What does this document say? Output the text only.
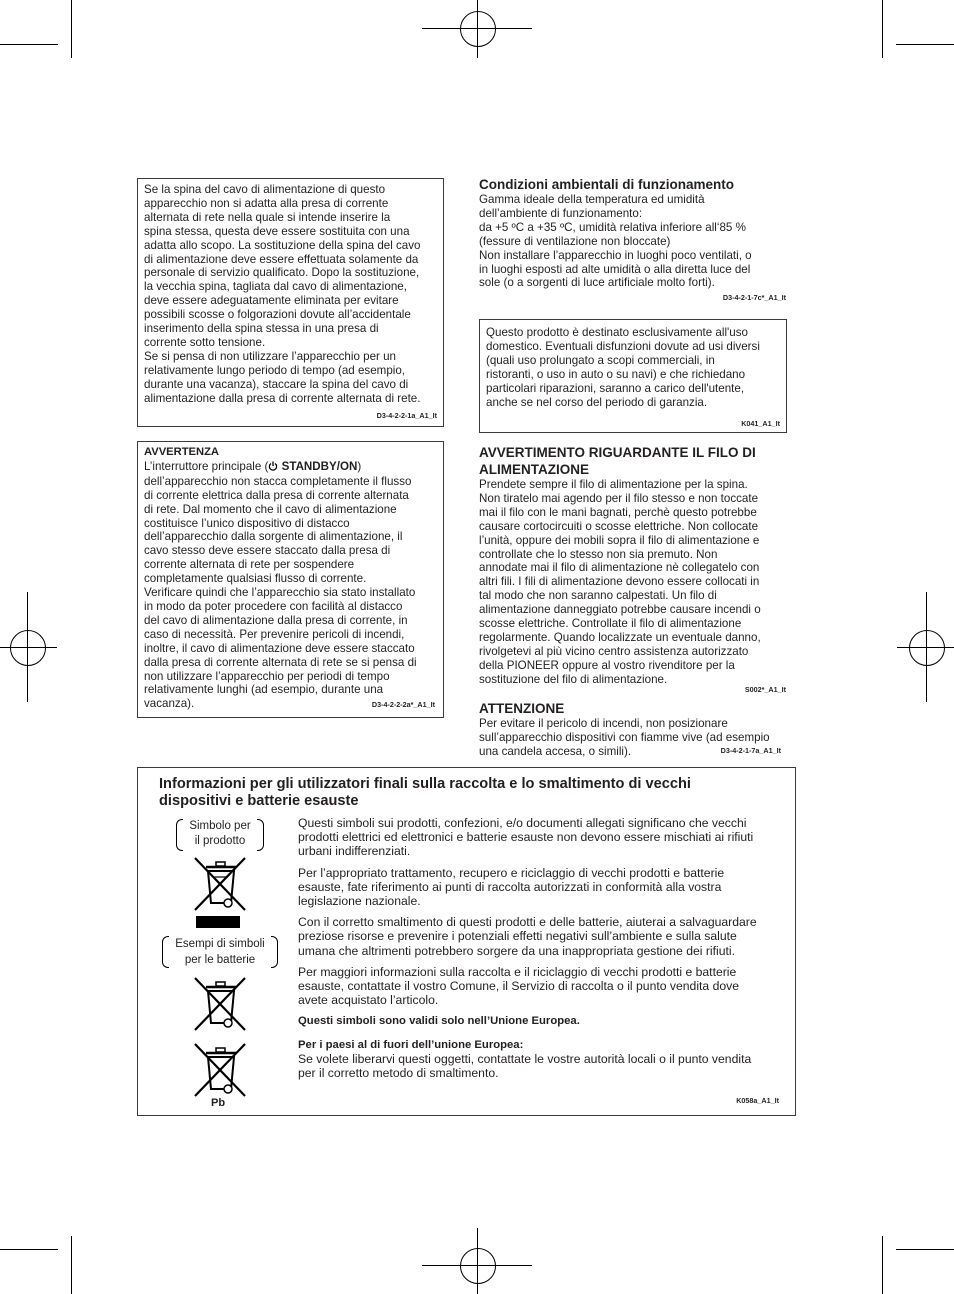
Se la spina del cavo di alimentazione di questo
apparecchio non si adatta alla presa di corrente
alternata di rete nella quale si intende inserire la
spina stessa, questa deve essere sostituita con una
adatta allo scopo. La sostituzione della spina del cavo
di alimentazione deve essere effettuata solamente da
personale di servizio qualificato. Dopo la sostituzione,
la vecchia spina, tagliata dal cavo di alimentazione,
deve essere adeguatamente eliminata per evitare
possibili scosse o folgorazioni dovute all’accidentale
inserimento della spina stessa in una presa di
corrente sotto tensione.
Se si pensa di non utilizzare l’apparecchio per un
relativamente lungo periodo di tempo (ad esempio,
durante una vacanza), staccare la spina del cavo di
alimentazione dalla presa di corrente alternata di rete.

D3-4-2-2-1a_A1_It
AVVERTENZA
L’interruttore principale ( STANDBY/ON)

dell’apparecchio non stacca completamente il flusso
di corrente elettrica dalla presa di corrente alternata
di rete. Dal momento che il cavo di alimentazione
costituisce l’unico dispositivo di distacco
dell’apparecchio dalla sorgente di alimentazione, il
cavo stesso deve essere staccato dalla presa di
corrente alternata di rete per sospendere
completamente qualsiasi flusso di corrente.
Verificare quindi che l’apparecchio sia stato installato
in modo da poter procedere con facilità al distacco
del cavo di alimentazione dalla presa di corrente, in
caso di necessità. Per prevenire pericoli di incendi,
inoltre, il cavo di alimentazione deve essere staccato
dalla presa di corrente alternata di rete se si pensa di
non utilizzare l’apparecchio per periodi di tempo
relativamente lunghi (ad esempio, durante una
vacanza).	D3-4-2-2-2a*_A1_It
Condizioni ambientali di funzionamento

Gamma ideale della temperatura ed umidità
dell’ambiente di funzionamento:
da +5 ºC a +35 ºC, umidità relativa inferiore all‘85 %
(fessure di ventilazione non bloccate)
Non installare l’apparecchio in luoghi poco ventilati, o
in luoghi esposti ad alte umidità o alla diretta luce del
sole (o a sorgenti di luce artificiale molto forti).

D3-4-2-1-7c*_A1_It

Questo prodotto è destinato esclusivamente all'uso
domestico. Eventuali disfunzioni dovute ad usi diversi
(quali uso prolungato a scopi commerciali, in
ristoranti, o uso in auto o su navi) e che richiedano
particolari riparazioni, saranno a carico dell'utente,
anche se nel corso del periodo di garanzia.

K041_A1_It
AVVERTIMENTO RIGUARDANTE IL FILO DI ALIMENTAZIONE

Prendete sempre il filo di alimentazione per la spina.
Non tiratelo mai agendo per il filo stesso e non toccate
mai il filo con le mani bagnati, perchè questo potrebbe
causare cortocircuiti o scosse elettriche. Non collocate
l’unità, oppure dei mobili sopra il filo di alimentazione e
controllate che lo stesso non sia premuto. Non
annodate mai il filo di alimentazione nè collegatelo con
altri fili. I fili di alimentazione devono essere collocati in
tal modo che non saranno calpestati. Un filo di
alimentazione danneggiato potrebbe causare incendi o
scosse elettriche. Controllate il filo di alimentazione
regolarmente. Quando localizzate un eventuale danno,
rivolgetevi al più vicino centro assistenza autorizzato
della PIONEER oppure al vostro rivenditore per la
sostituzione del filo di alimentazione.

S002*_A1_It
ATTENZIONE

Per evitare il pericolo di incendi, non posizionare
sull’apparecchio dispositivi con fiamme vive (ad esempio
una candela accesa, o simili).	D3-4-2-1-7a_A1_It
Informazioni per gli utilizzatori finali sulla raccolta e lo smaltimento di vecchi
dispositivi e batterie esauste
Simbolo per
il prodotto
Esempi di simboli
per le batterie
Pb

Questi simboli sui prodotti, confezioni, e/o documenti allegati significano che vecchi
prodotti elettrici ed elettronici e batterie esauste non devono essere mischiati ai rifiuti
urbani indifferenziati.

Per l’appropriato trattamento, recupero e riciclaggio di vecchi prodotti e batterie
esauste, fate riferimento ai punti di raccolta autorizzati in conformità alla vostra
legislazione nazionale.

Con il corretto smaltimento di questi prodotti e delle batterie, aiuterai a salvaguardare
preziose risorse e prevenire i potenziali effetti negativi sull’ambiente e sulla salute
umana che altrimenti potrebbero sorgere da una inappropriata gestione dei rifiuti.

Per maggiori informazioni sulla raccolta e il riciclaggio di vecchi prodotti e batterie
esauste, contattate il vostro Comune, il Servizio di raccolta o il punto vendita dove
avete acquistato l’articolo.

Questi simboli sono validi solo nell’Unione Europea.

Per i paesi al di fuori dell’unione Europea:

Se volete liberarvi questi oggetti, contattate le vostre autorità locali o il punto vendita
per il corretto metodo di smaltimento.

K058a_A1_It
